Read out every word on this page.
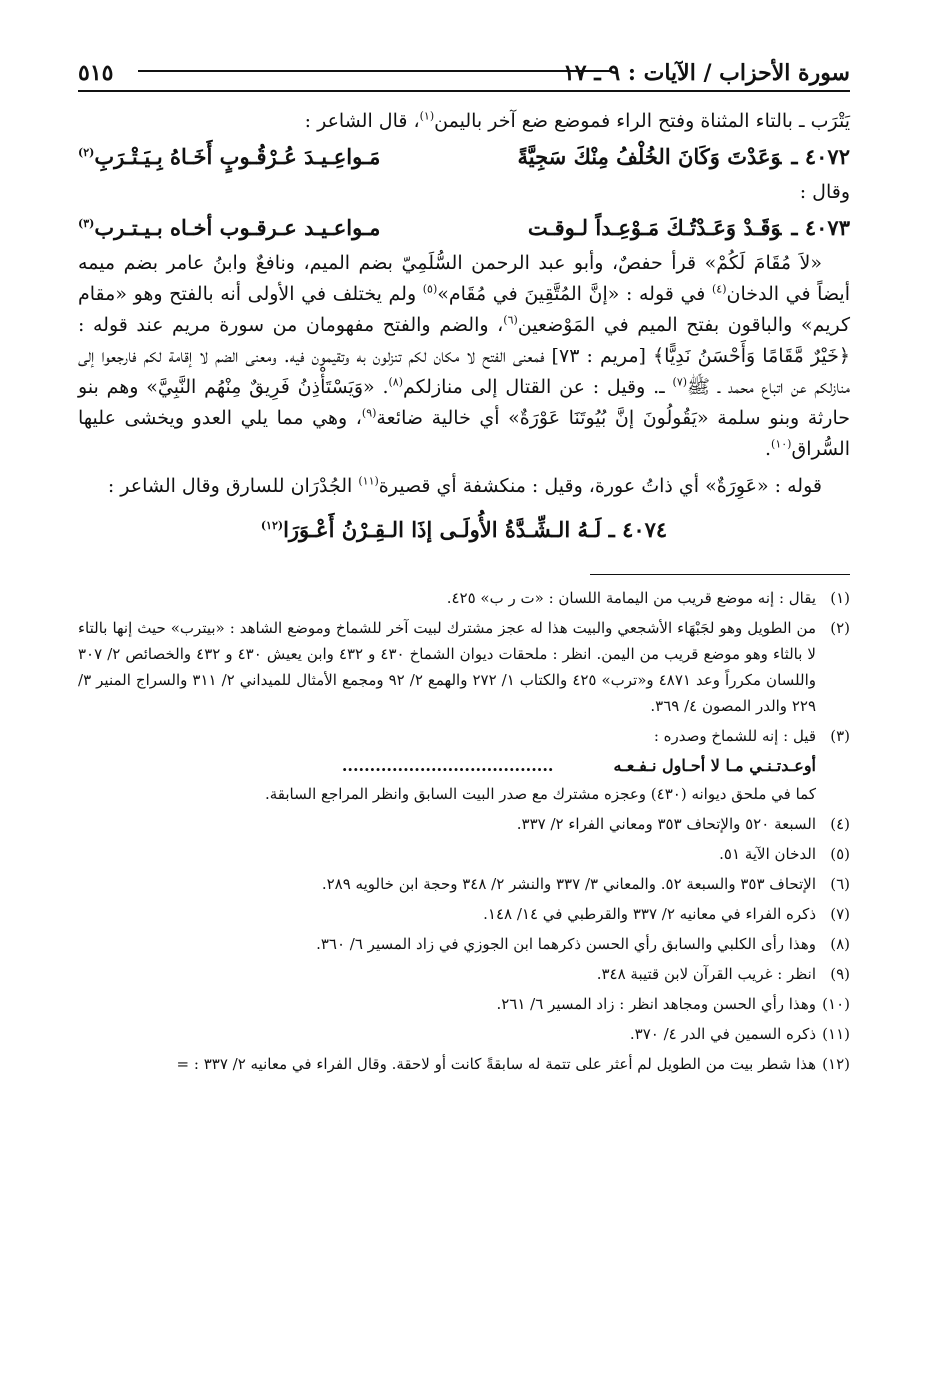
سورة الأحزاب / الآيات : ٩ ـ ١٧
٥١٥

يَتْرَب ـ بالتاء المثناة وفتح الراء فموضع ضع آخر باليمن$^{(١)}$، قال الشاعر :

٤٠٧٢ ـوَعَدْتَ وَكَانَ الخُلْفُ مِنْكَ سَجِيَّةً
مَـواعِـيـدَ عُـرْقُـوبٍ أَخَـاهُ بِـيَـتْـرَبِ$^{(٢)}$

وقال :

٤٠٧٣ ـوَقَـدْ وَعَـدْتُـكَ مَـوْعِـداً لـوقـت
مـواعـيـد عـرقـوب أخـاه بـيـتـرب$^{(٣)}$

«لاَ مُقَامَ لَكُمْ» قرأ حفصٌ، وأبو عبد الرحمن السُّلَمِيّ بضم الميم، ونافعٌ وابنُ عامر بضم ميمه أيضاً في الدخان$^{(٤)}$ في قوله : «إنَّ المُتَّقِينَ في مُقَام»$^{(٥)}$ ولم يختلف في الأولى أنه بالفتح وهو «مقام كريم» والباقون بفتح الميم في المَوْضعين$^{(٦)}$، والضم والفتح مفهومان من سورة مريم عند قوله : ﴿خَيْرٌ مَّقَامًا وَأَحْسَنُ نَدِيًّا﴾ [مريم : ٧٣] فمعنى الفتح لا مكان لكم تنزلون به وتقيمون فيه. ومعنى الضم لا إقامة لكم فارجعوا إلى منازلكم عن اتباع محمد ـ ﷺ$^{(٧)}$ ـ. وقيل : عن القتال إلى منازلكم$^{(٨)}$. «وَيَسْتَأْذِنُ فَرِيقٌ مِنْهُم النَّبِيَّ» وهم بنو حارثة وبنو سلمة «يَقُولُونَ إنَّ بُيُوتَنَا عَوْرَةٌ» أي خالية ضائعة$^{(٩)}$، وهي مما يلي العدو ويخشى عليها السُّراق$^{(١٠)}$.

قوله : «عَوِرَةٌ» أي ذاتُ عورة، وقيل : منكشفة أي قصيرة$^{(١١)}$ الجُدْرَان للسارق وقال الشاعر :

٤٠٧٤ ـ لَـهُ الـشِّـدَّةُ الأُولَـى إذَا الـقِـرْنُ أَعْـوَرَا$^{(١٢)}$
(١)
يقال : إنه موضع قريب من اليمامة اللسان : «ت ر ب» ٤٢٥.
(٢)
من الطويل وهو لجَبْهَاء الأشجعي والبيت هذا له عجز مشترك لبيت آخر للشماخ وموضع الشاهد : «بيترب» حيث إنها بالتاء لا بالثاء وهو موضع قريب من اليمن. انظر : ملحقات ديوان الشماخ ٤٣٠ و ٤٣٢ وابن يعيش ٤٣٠ و ٤٣٢ والخصائص ٢/ ٣٠٧ واللسان مكرراً وعد ٤٨٧١ و«ترب» ٤٢٥ والكتاب ١/ ٢٧٢ والهمع ٢/ ٩٢ ومجمع الأمثال للميداني ٢/ ٣١١ والسراج المنير ٣/ ٢٢٩ والدر المصون ٤/ ٣٦٩.
(٣)
قيل : إنه للشماخ وصدره :
أوعـدتـنـي مـا لا أحـاول نـفـعـه
......................................
كما في ملحق ديوانه (٤٣٠) وعجزه مشترك مع صدر البيت السابق وانظر المراجع السابقة.
(٤)
السبعة ٥٢٠ والإتحاف ٣٥٣ ومعاني الفراء ٢/ ٣٣٧.
(٥)
الدخان الآية ٥١.
(٦)
الإتحاف ٣٥٣ والسبعة ٥٢. والمعاني ٣/ ٣٣٧ والنشر ٢/ ٣٤٨ وحجة ابن خالويه ٢٨٩.
(٧)
ذكره الفراء في معانيه ٢/ ٣٣٧ والقرطبي في ١٤/ ١٤٨.
(٨)
وهذا رأى الكلبي والسابق رأي الحسن ذكرهما ابن الجوزي في زاد المسير ٦/ ٣٦٠.
(٩)
انظر : غريب القرآن لابن قتيبة ٣٤٨.
(١٠)
وهذا رأي الحسن ومجاهد انظر : زاد المسير ٦/ ٢٦١.
(١١)
ذكره السمين في الدر ٤/ ٣٧٠.
(١٢)
هذا شطر بيت من الطويل لم أعثر على تتمة له سابقةً كانت أو لاحقة. وقال الفراء في معانيه ٢/ ٣٣٧ : =
